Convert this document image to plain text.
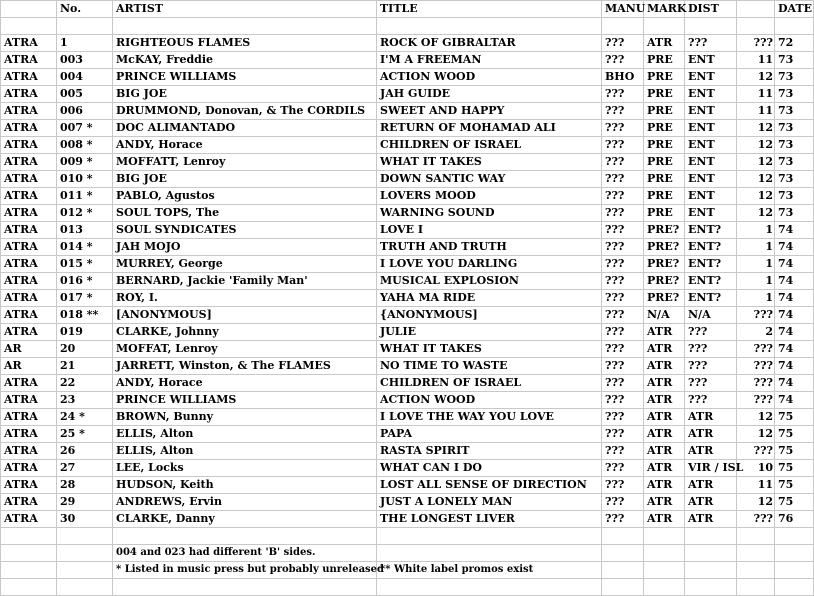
	No.	ARTIST	TITLE	MANU	MARK	DIST		DATE

ATRA	1	RIGHTEOUS FLAMES	ROCK OF GIBRALTAR	???	ATR	???	???	72
ATRA	003	McKAY, Freddie	I'M A FREEMAN	???	PRE	ENT	11	73
ATRA	004	PRINCE WILLIAMS	ACTION WOOD	BHO	PRE	ENT	12	73
ATRA	005	BIG JOE	JAH GUIDE	???	PRE	ENT	11	73
ATRA	006	DRUMMOND, Donovan, & The CORDILS	SWEET AND HAPPY	???	PRE	ENT	11	73
ATRA	007 *	DOC ALIMANTADO	RETURN OF MOHAMAD ALI	???	PRE	ENT	12	73
ATRA	008 *	ANDY, Horace	CHILDREN OF ISRAEL	???	PRE	ENT	12	73
ATRA	009 *	MOFFATT, Lenroy	WHAT IT TAKES	???	PRE	ENT	12	73
ATRA	010 *	BIG JOE	DOWN SANTIC WAY	???	PRE	ENT	12	73
ATRA	011 *	PABLO, Agustos	LOVERS MOOD	???	PRE	ENT	12	73
ATRA	012 *	SOUL TOPS, The	WARNING SOUND	???	PRE	ENT	12	73
ATRA	013	SOUL SYNDICATES	LOVE I	???	PRE?	ENT?	1	74
ATRA	014 *	JAH MOJO	TRUTH AND TRUTH	???	PRE?	ENT?	1	74
ATRA	015 *	MURREY, George	I LOVE YOU DARLING	???	PRE?	ENT?	1	74
ATRA	016 *	BERNARD, Jackie 'Family Man'	MUSICAL EXPLOSION	???	PRE?	ENT?	1	74
ATRA	017 *	ROY, I.	YAHA MA RIDE	???	PRE?	ENT?	1	74
ATRA	018 **	[ANONYMOUS]	{ANONYMOUS]	???	N/A	N/A	???	74
ATRA	019	CLARKE, Johnny	JULIE	???	ATR	???	2	74
AR	20	MOFFAT, Lenroy	WHAT IT TAKES	???	ATR	???	???	74
AR	21	JARRETT, Winston, & The FLAMES	NO TIME TO WASTE	???	ATR	???	???	74
ATRA	22	ANDY, Horace	CHILDREN OF ISRAEL	???	ATR	???	???	74
ATRA	23	PRINCE WILLIAMS	ACTION WOOD	???	ATR	???	???	74
ATRA	24 *	BROWN, Bunny	I LOVE THE WAY YOU LOVE	???	ATR	ATR	12	75
ATRA	25 *	ELLIS, Alton	PAPA	???	ATR	ATR	12	75
ATRA	26	ELLIS, Alton	RASTA SPIRIT	???	ATR	ATR	???	75
ATRA	27	LEE, Locks	WHAT CAN I DO	???	ATR	VIR / ISL	10	75
ATRA	28	HUDSON, Keith	LOST ALL SENSE OF DIRECTION	???	ATR	ATR	11	75
ATRA	29	ANDREWS, Ervin	JUST A LONELY MAN	???	ATR	ATR	12	75
ATRA	30	CLARKE, Danny	THE LONGEST LIVER	???	ATR	ATR	???	76

		004 and 023 had different 'B' sides.						
		* Listed in music press but probably unreleased	** White label promos exist					
